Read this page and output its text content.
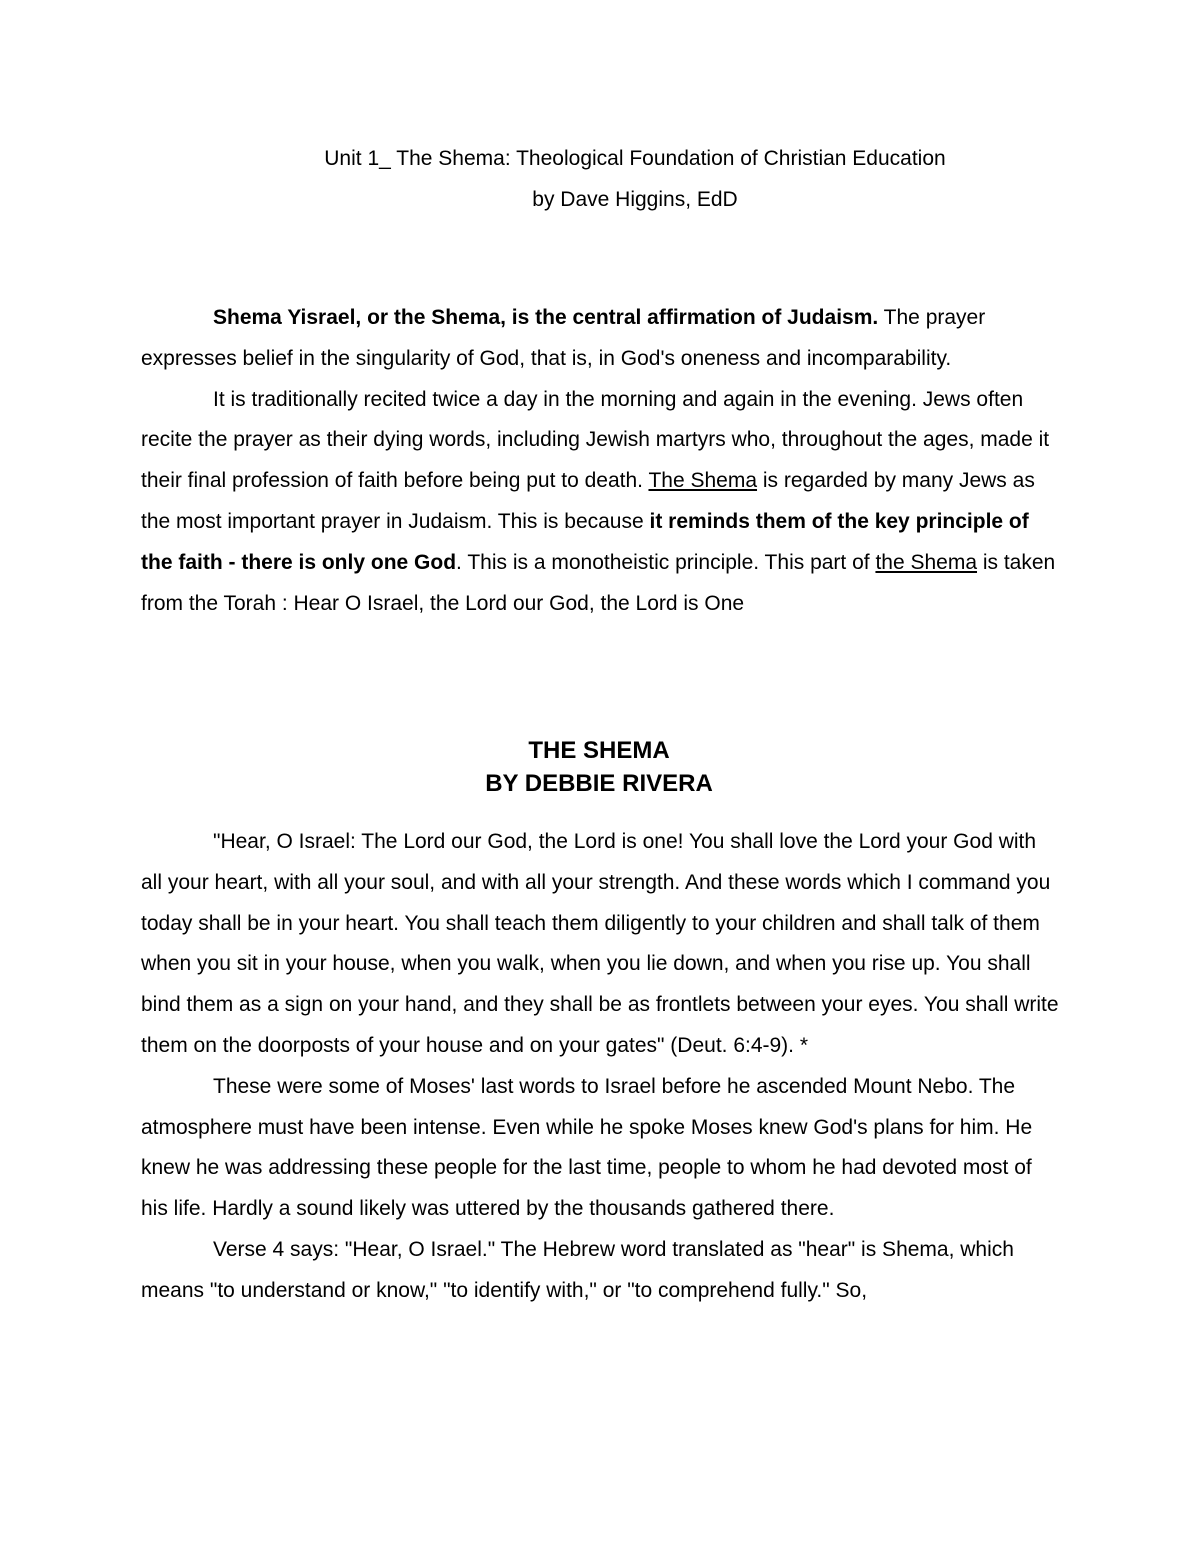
Unit 1_ The Shema: Theological Foundation of Christian Education
by Dave Higgins, EdD

Shema Yisrael, or the Shema, is the central affirmation of Judaism. The prayer expresses belief in the singularity of God, that is, in God's oneness and incomparability.

It is traditionally recited twice a day in the morning and again in the evening. Jews often recite the prayer as their dying words, including Jewish martyrs who, throughout the ages, made it their final profession of faith before being put to death. The Shema is regarded by many Jews as the most important prayer in Judaism. This is because it reminds them of the key principle of the faith - there is only one God. This is a monotheistic principle. This part of the Shema is taken from the Torah : Hear O Israel, the Lord our God, the Lord is One

THE SHEMA
BY DEBBIE RIVERA

"Hear, O Israel: The Lord our God, the Lord is one! You shall love the Lord your God with all your heart, with all your soul, and with all your strength. And these words which I command you today shall be in your heart. You shall teach them diligently to your children and shall talk of them when you sit in your house, when you walk, when you lie down, and when you rise up. You shall bind them as a sign on your hand, and they shall be as frontlets between your eyes. You shall write them on the doorposts of your house and on your gates" (Deut. 6:4-9). *

These were some of Moses' last words to Israel before he ascended Mount Nebo. The atmosphere must have been intense. Even while he spoke Moses knew God's plans for him. He knew he was addressing these people for the last time, people to whom he had devoted most of his life. Hardly a sound likely was uttered by the thousands gathered there.

Verse 4 says: "Hear, O Israel." The Hebrew word translated as "hear" is Shema, which means "to understand or know," "to identify with," or "to comprehend fully." So,
